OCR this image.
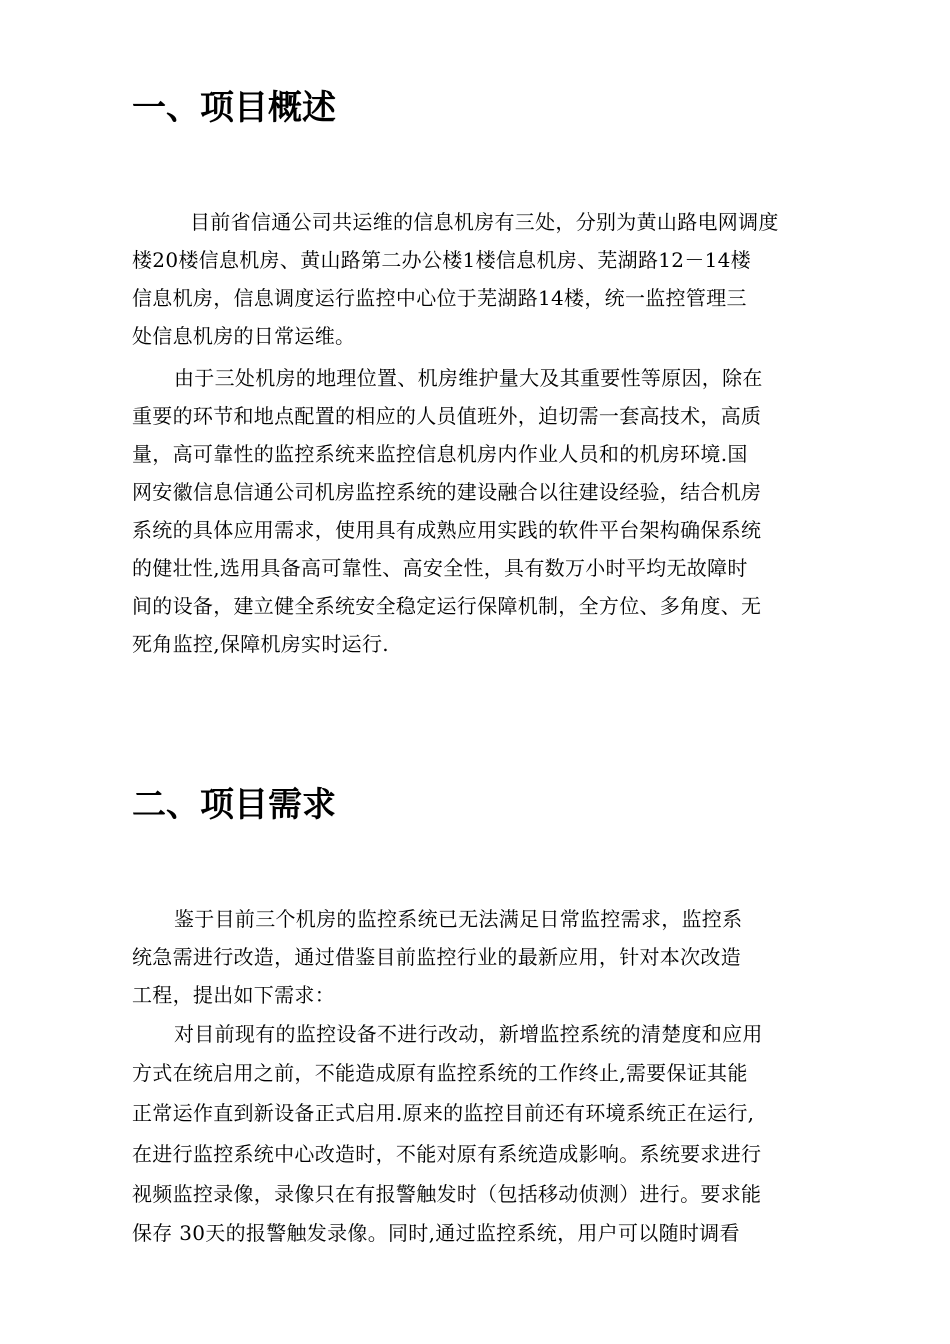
一、项目概述

目前省信通公司共运维的信息机房有三处，分别为黄山路电网调度

楼20楼信息机房、黄山路第二办公楼1楼信息机房、芜湖路12－14楼

信息机房，信息调度运行监控中心位于芜湖路14楼，统一监控管理三

处信息机房的日常运维。

由于三处机房的地理位置、机房维护量大及其重要性等原因，除在

重要的环节和地点配置的相应的人员值班外，迫切需一套高技术，高质

量，高可靠性的监控系统来监控信息机房内作业人员和的机房环境.国

网安徽信息信通公司机房监控系统的建设融合以往建设经验，结合机房

系统的具体应用需求，使用具有成熟应用实践的软件平台架构确保系统

的健壮性,选用具备高可靠性、高安全性，具有数万小时平均无故障时

间的设备，建立健全系统安全稳定运行保障机制，全方位、多角度、无

死角监控,保障机房实时运行.

二、项目需求

鉴于目前三个机房的监控系统已无法满足日常监控需求，监控系

统急需进行改造，通过借鉴目前监控行业的最新应用，针对本次改造

工程，提出如下需求：

对目前现有的监控设备不进行改动，新增监控系统的清楚度和应用

方式在统启用之前，不能造成原有监控系统的工作终止,需要保证其能

正常运作直到新设备正式启用.原来的监控目前还有环境系统正在运行,

在进行监控系统中心改造时，不能对原有系统造成影响。系统要求进行

视频监控录像，录像只在有报警触发时（包括移动侦测）进行。要求能

保存 30天的报警触发录像。同时,通过监控系统，用户可以随时调看
